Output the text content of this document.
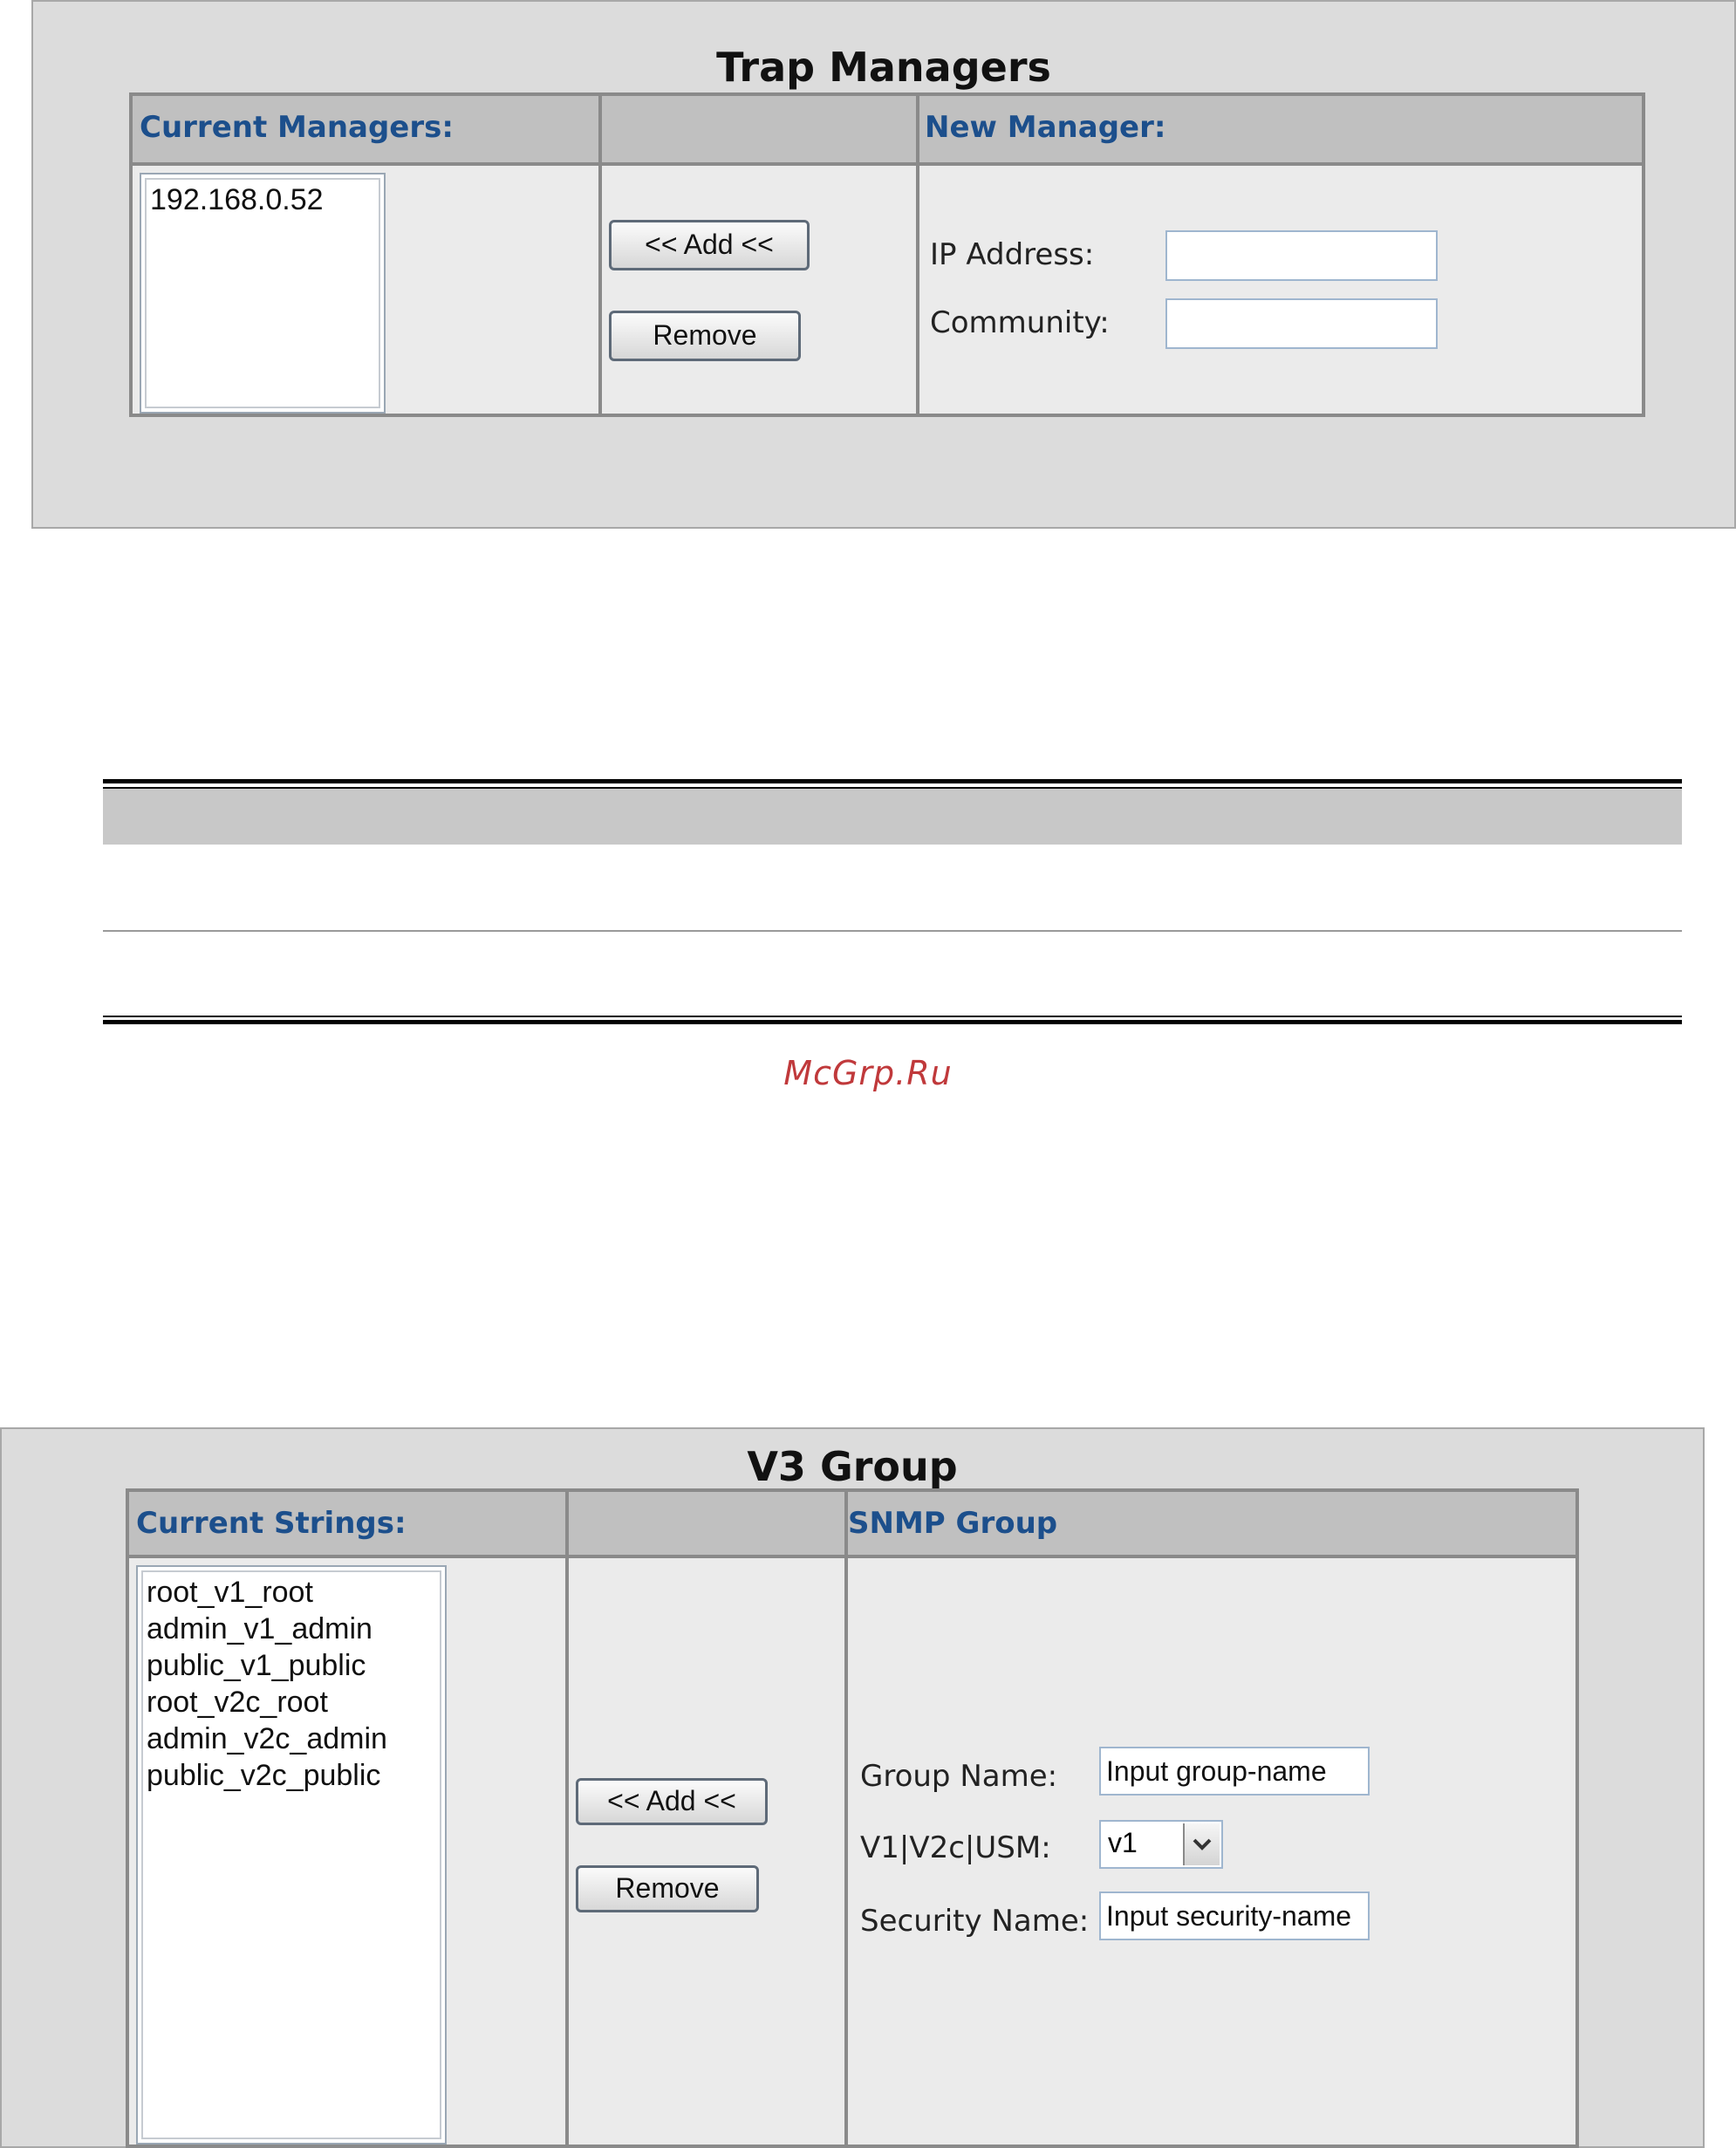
Trap Managers
Current Managers:	New Manager:
192.168.0.52
<< Add <<
Remove
IP Address:
Community:
McGrp.Ru
V3 Group
Current Strings:	SNMP Group
root_v1_root
admin_v1_admin
public_v1_public
root_v2c_root
admin_v2c_admin
public_v2c_public
<< Add <<
Remove
Group Name:
Input group-name
V1|V2c|USM: v1
Security Name:
Input security-name
